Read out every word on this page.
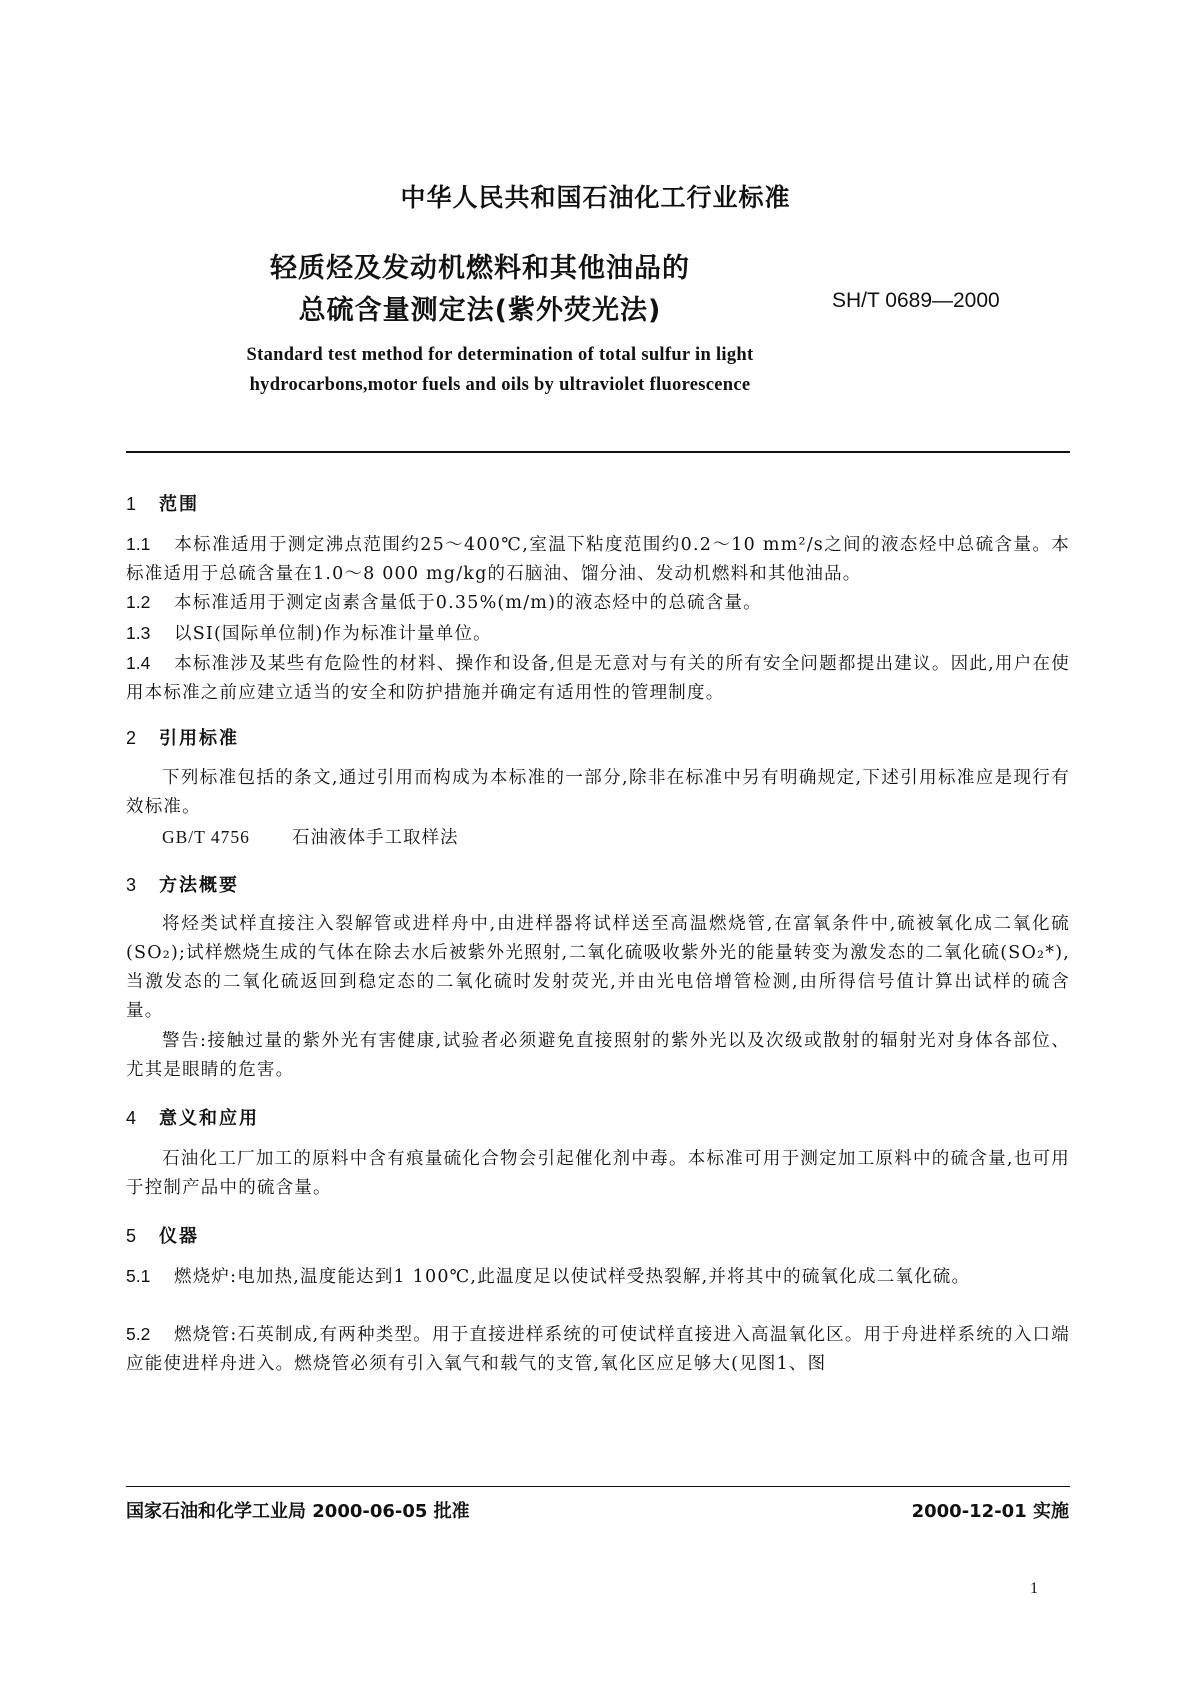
中华人民共和国石油化工行业标准
轻质烃及发动机燃料和其他油品的
总硫含量测定法(紫外荧光法)	SH/T 0689—2000
Standard test method for determination of total sulfur in light
hydrocarbons,motor fuels and oils by ultraviolet fluorescence
1 范围
1.1 本标准适用于测定沸点范围约25～400℃,室温下粘度范围约0.2～10 mm²/s之间的液态烃中总硫含量。本标准适用于总硫含量在1.0～8 000 mg/kg的石脑油、馏分油、发动机燃料和其他油品。
1.2 本标准适用于测定卤素含量低于0.35%(m/m)的液态烃中的总硫含量。
1.3 以SI(国际单位制)作为标准计量单位。
1.4 本标准涉及某些有危险性的材料、操作和设备,但是无意对与有关的所有安全问题都提出建议。因此,用户在使用本标准之前应建立适当的安全和防护措施并确定有适用性的管理制度。
2 引用标准
下列标准包括的条文,通过引用而构成为本标准的一部分,除非在标准中另有明确规定,下述引用标准应是现行有效标准。
GB/T 4756 石油液体手工取样法
3 方法概要
将烃类试样直接注入裂解管或进样舟中,由进样器将试样送至高温燃烧管,在富氧条件中,硫被氧化成二氧化硫(SO₂);试样燃烧生成的气体在除去水后被紫外光照射,二氧化硫吸收紫外光的能量转变为激发态的二氧化硫(SO₂*),当激发态的二氧化硫返回到稳定态的二氧化硫时发射荧光,并由光电倍增管检测,由所得信号值计算出试样的硫含量。
警告:接触过量的紫外光有害健康,试验者必须避免直接照射的紫外光以及次级或散射的辐射光对身体各部位、尤其是眼睛的危害。
4 意义和应用
石油化工厂加工的原料中含有痕量硫化合物会引起催化剂中毒。本标准可用于测定加工原料中的硫含量,也可用于控制产品中的硫含量。
5 仪器
5.1 燃烧炉:电加热,温度能达到1 100℃,此温度足以使试样受热裂解,并将其中的硫氧化成二氧化硫。
5.2 燃烧管:石英制成,有两种类型。用于直接进样系统的可使试样直接进入高温氧化区。用于舟进样系统的入口端应能使进样舟进入。燃烧管必须有引入氧气和载气的支管,氧化区应足够大(见图1、图
国家石油和化学工业局 2000-06-05 批准	2000-12-01 实施
1
